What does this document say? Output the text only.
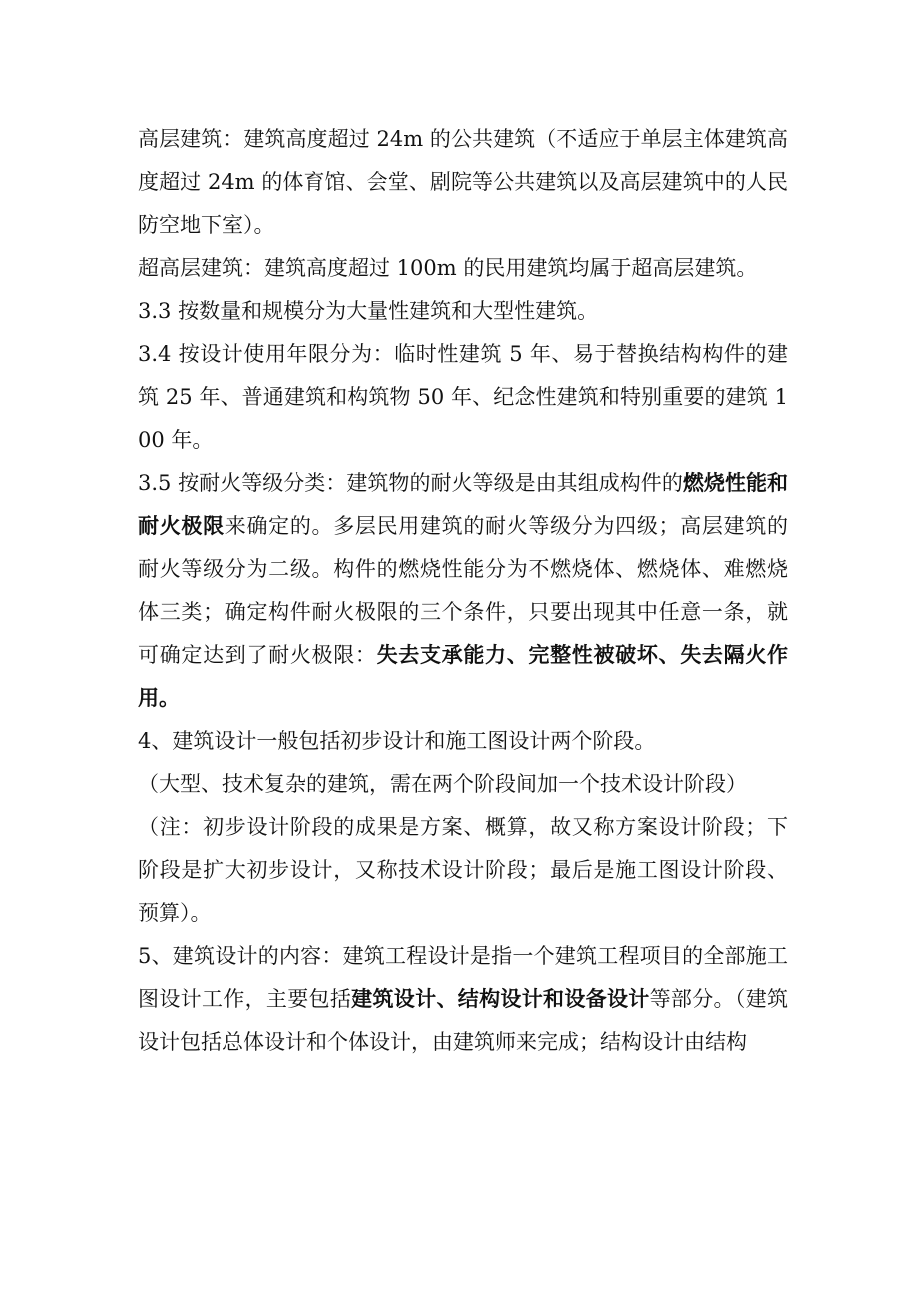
高层建筑：建筑高度超过 24m 的公共建筑（不适应于单层主体建筑高度超过 24m 的体育馆、会堂、剧院等公共建筑以及高层建筑中的人民防空地下室）。

超高层建筑：建筑高度超过 100m 的民用建筑均属于超高层建筑。

3.3 按数量和规模分为大量性建筑和大型性建筑。

3.4 按设计使用年限分为：临时性建筑 5 年、易于替换结构构件的建筑 25 年、普通建筑和构筑物 50 年、纪念性建筑和特别重要的建筑 100 年。

3.5 按耐火等级分类：建筑物的耐火等级是由其组成构件的燃烧性能和耐火极限来确定的。多层民用建筑的耐火等级分为四级；高层建筑的耐火等级分为二级。构件的燃烧性能分为不燃烧体、燃烧体、难燃烧体三类；确定构件耐火极限的三个条件，只要出现其中任意一条，就可确定达到了耐火极限：失去支承能力、完整性被破坏、失去隔火作用。

4、建筑设计一般包括初步设计和施工图设计两个阶段。

（大型、技术复杂的建筑，需在两个阶段间加一个技术设计阶段）

（注：初步设计阶段的成果是方案、概算，故又称方案设计阶段；下阶段是扩大初步设计，又称技术设计阶段；最后是施工图设计阶段、预算）。

5、建筑设计的内容：建筑工程设计是指一个建筑工程项目的全部施工图设计工作，主要包括建筑设计、结构设计和设备设计等部分。（建筑设计包括总体设计和个体设计，由建筑师来完成；结构设计由结构
